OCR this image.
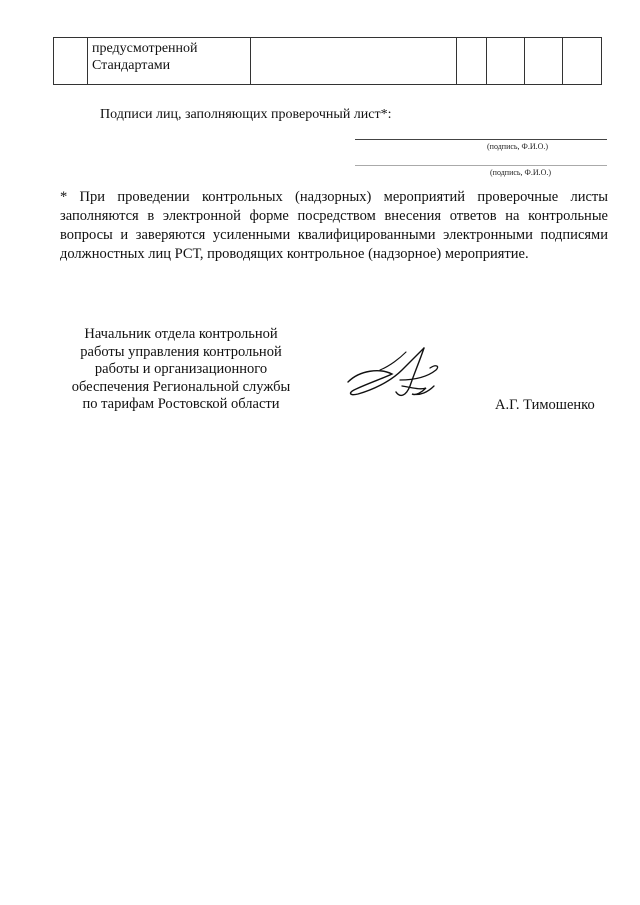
предусмотренной
Стандартами

Подписи лиц, заполняющих проверочный лист*:
(подпись, Ф.И.О.)
(подпись, Ф.И.О.)
* При проведении контрольных (надзорных) мероприятий проверочные листы
заполняются в электронной форме посредством внесения ответов на контрольные
вопросы и заверяются усиленными квалифицированными электронными подписями
должностных лиц РСТ, проводящих контрольное (надзорное) мероприятие.
Начальник отдела контрольной
работы управления контрольной
работы и организационного
обеспечения Региональной службы
по тарифам Ростовской области	А.Г. Тимошенко
